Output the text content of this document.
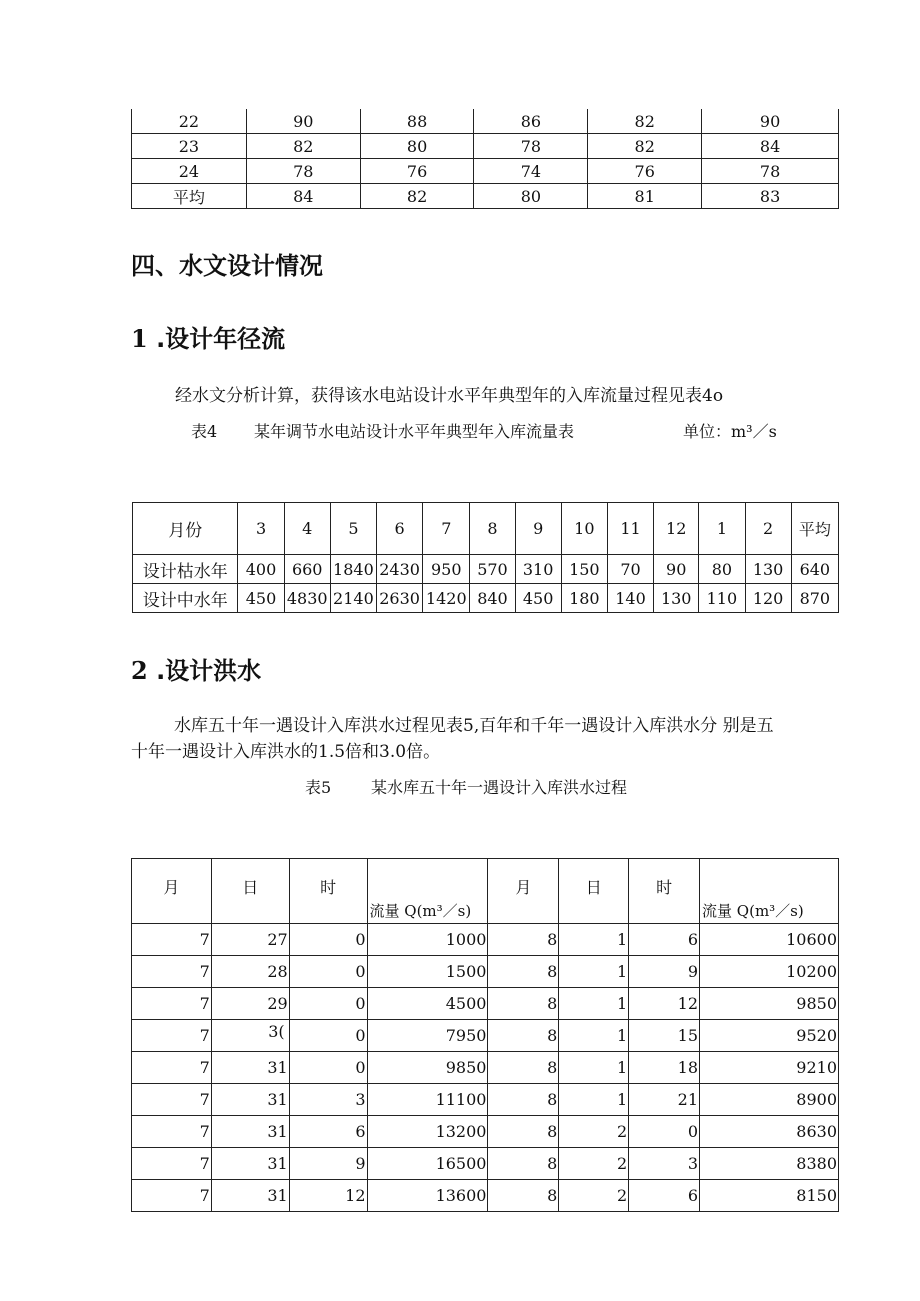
22	90	88	86	82	90
23	82	80	78	82	84
24	78	76	74	76	78
平均	84	82	80	81	83
四、水文设计情况
1 .设计年径流

经水文分析计算，获得该水电站设计水平年典型年的入库流量过程见表4o

表4 某年调节水电站设计水平年典型年入库流量表	单位：m³／s
月份	3	4	5	6	7	8	9	10	11	12	1	2	平均
设计枯水年	400	660	1840	2430	950	570	310	150	70	90	80	130	640
设计中水年	450	4830	2140	2630	1420	840	450	180	140	130	110	120	870
2 .设计洪水

水库五十年一遇设计入库洪水过程见表5,百年和千年一遇设计入库洪水分 别是五
十年一遇设计入库洪水的1.5倍和3.0倍。

表5 某水库五十年一遇设计入库洪水过程
月	日	时	流量 Q(m³／s)	月	日	时	流量 Q(m³／s)
7	27	0	1000	8	1	6	10600
7	28	0	1500	8	1	9	10200
7	29	0	4500	8	1	12	9850
7	3(	0	7950	8	1	15	9520
7	31	0	9850	8	1	18	9210
7	31	3	11100	8	1	21	8900
7	31	6	13200	8	2	0	8630
7	31	9	16500	8	2	3	8380
7	31	12	13600	8	2	6	8150
